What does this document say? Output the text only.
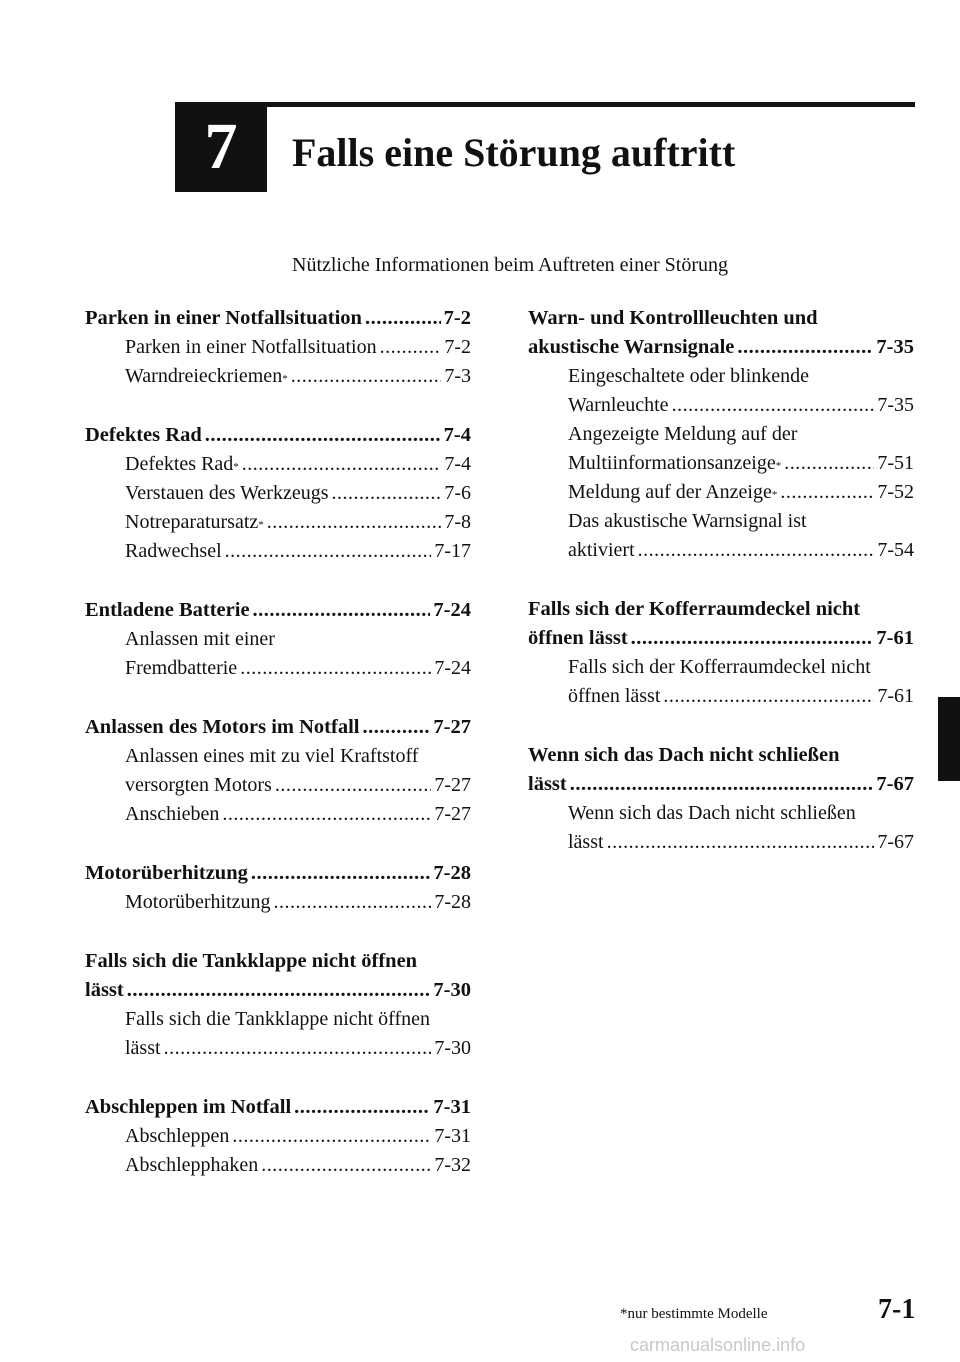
7	Falls eine Störung auftritt
Nützliche Informationen beim Auftreten einer Störung
Parken in einer Notfallsituation .....	7-2
Parken in einer Notfallsituation .....	7-2
Warndreieckriemen * .....	7-3
Defektes Rad .....	7-4
Defektes Rad * .....	7-4
Verstauen des Werkzeugs .....	7-6
Notreparatursatz * .....	7-8
Radwechsel .....	7-17
Entladene Batterie .....	7-24
Anlassen mit einer
Fremdbatterie .....	7-24
Anlassen des Motors im Notfall .....	7-27
Anlassen eines mit zu viel Kraftstoff
versorgten Motors .....	7-27
Anschieben .....	7-27
Motorüberhitzung .....	7-28
Motorüberhitzung .....	7-28
Falls sich die Tankklappe nicht öffnen
lässt .....	7-30
Falls sich die Tankklappe nicht öffnen
lässt .....	7-30
Abschleppen im Notfall .....	7-31
Abschleppen .....	7-31
Abschlepphaken .....	7-32
Warn- und Kontrollleuchten und
akustische Warnsignale .....	7-35
Eingeschaltete oder blinkende
Warnleuchte .....	7-35
Angezeigte Meldung auf der
Multiinformationsanzeige * .....	7-51
Meldung auf der Anzeige * .....	7-52
Das akustische Warnsignal ist
aktiviert .....	7-54
Falls sich der Kofferraumdeckel nicht
öffnen lässt .....	7-61
Falls sich der Kofferraumdeckel nicht
öffnen lässt .....	7-61
Wenn sich das Dach nicht schließen
lässt .....	7-67
Wenn sich das Dach nicht schließen
lässt .....	7-67
*nur bestimmte Modelle	7-1
carmanualsonline.info
